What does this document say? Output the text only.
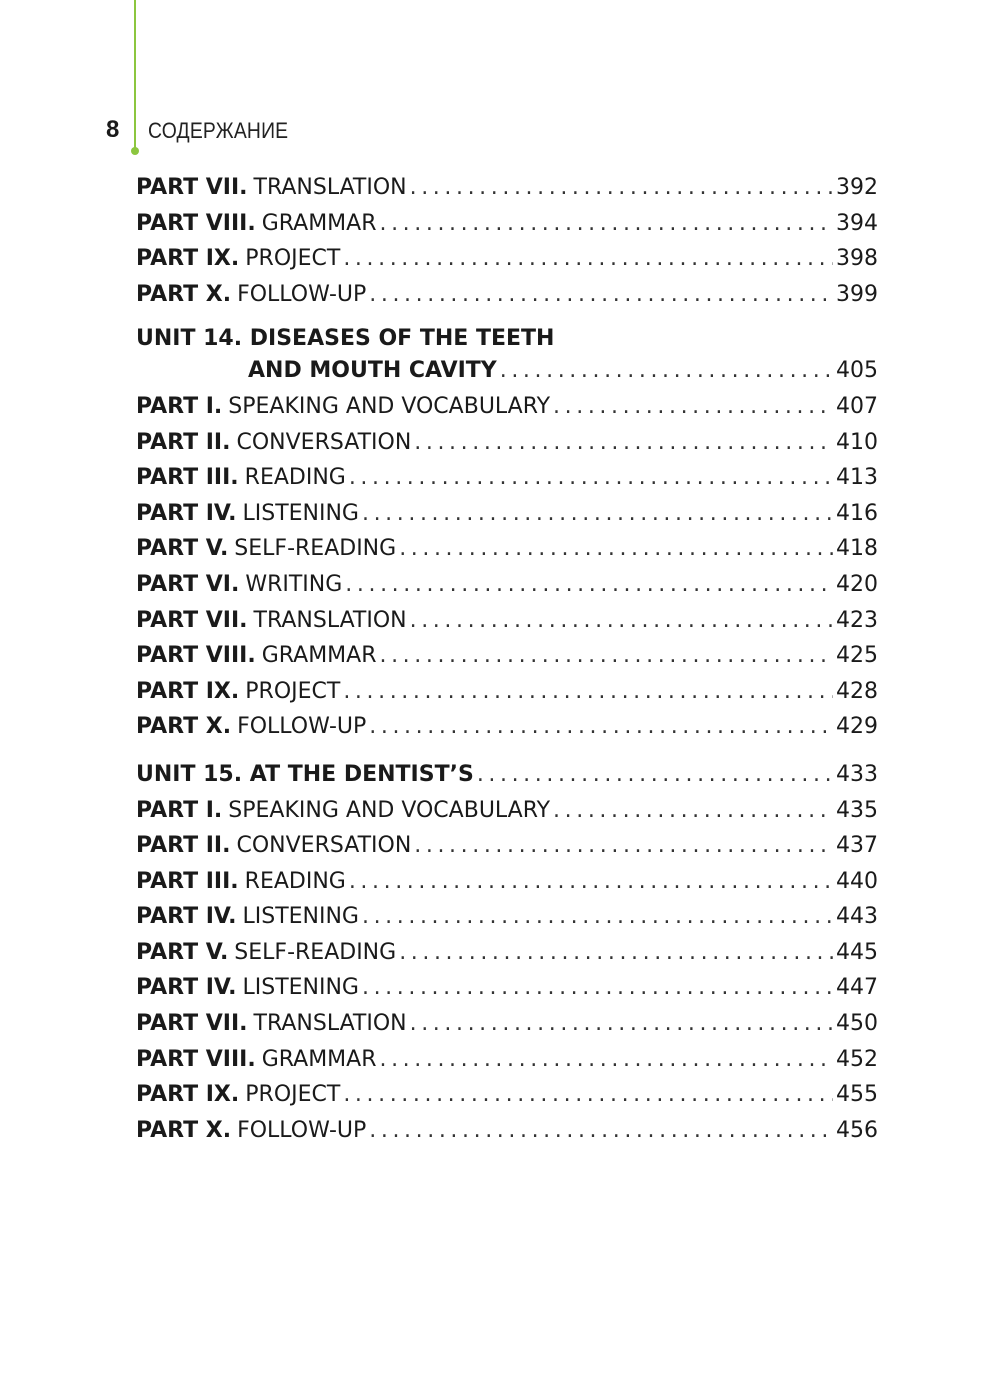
8 СОДЕРЖАНИЕ
PART VII. TRANSLATION .....	392
PART VIII. GRAMMAR .....	394
PART IX. PROJECT .....	398
PART X. FOLLOW-UP .....	399
UNIT 14. DISEASES OF THE TEETH
AND MOUTH CAVITY .....	405
PART I. SPEAKING AND VOCABULARY .....	407
PART II. CONVERSATION .....	410
PART III. READING .....	413
PART IV. LISTENING .....	416
PART V. SELF-READING .....	418
PART VI. WRITING .....	420
PART VII. TRANSLATION .....	423
PART VIII. GRAMMAR .....	425
PART IX. PROJECT .....	428
PART X. FOLLOW-UP .....	429
UNIT 15. AT THE DENTIST’S .....	433
PART I. SPEAKING AND VOCABULARY .....	435
PART II. CONVERSATION .....	437
PART III. READING .....	440
PART IV. LISTENING .....	443
PART V. SELF-READING .....	445
PART IV. LISTENING .....	447
PART VII. TRANSLATION .....	450
PART VIII. GRAMMAR .....	452
PART IX. PROJECT .....	455
PART X. FOLLOW-UP .....	456
